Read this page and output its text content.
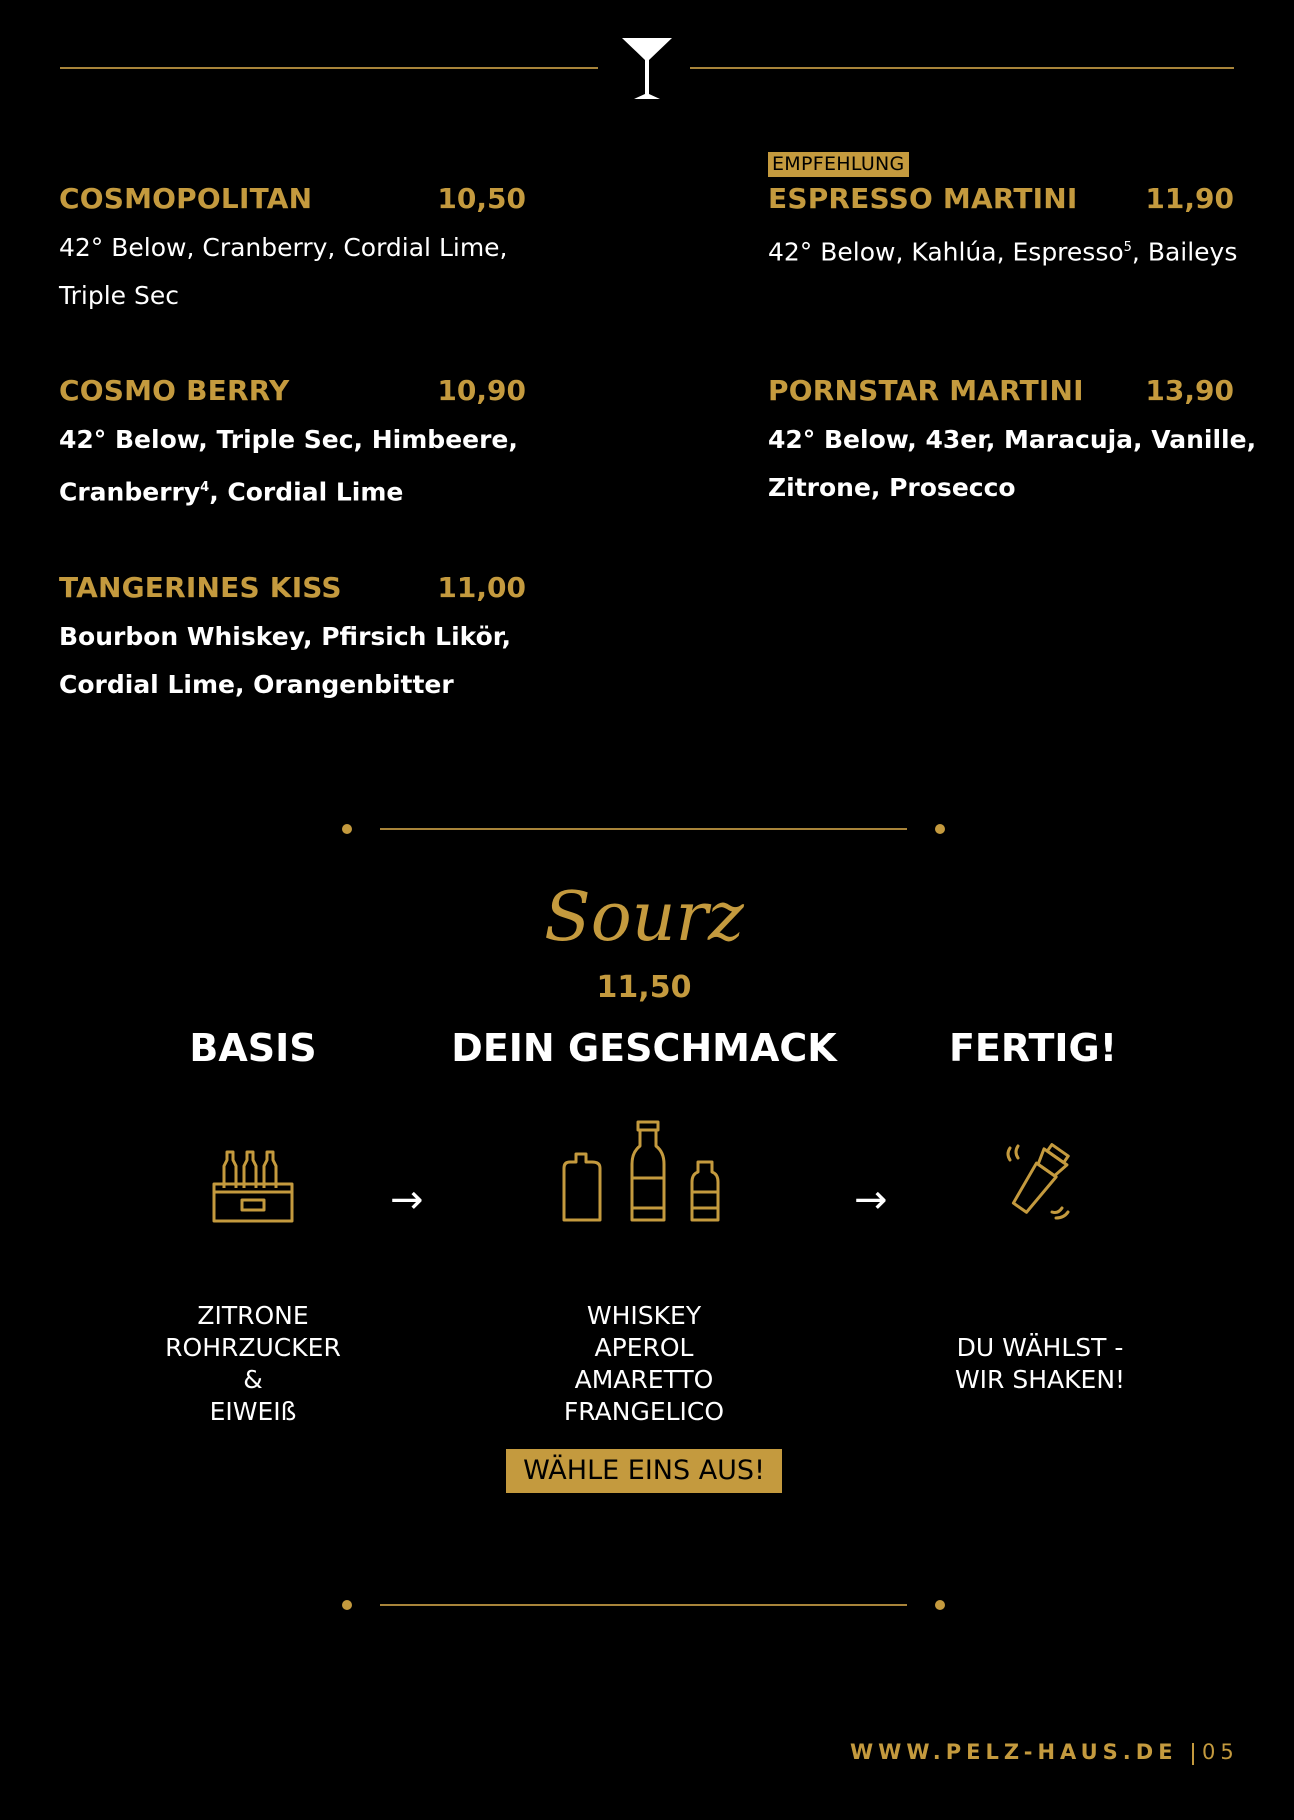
COSMOPOLITAN	10,50
42° Below, Cranberry, Cordial Lime,
Triple Sec
COSMO BERRY	10,90
42° Below, Triple Sec, Himbeere,
Cranberry$^4$, Cordial Lime
TANGERINES KISS	11,00
Bourbon Whiskey, Pfirsich Likör,
Cordial Lime, Orangenbitter
EMPFEHLUNG
ESPRESSO MARTINI	11,90
42° Below, Kahlúa, Espresso$^5$, Baileys
PORNSTAR MARTINI	13,90
42° Below, 43er, Maracuja, Vanille,
Zitrone, Prosecco
Sourz
11,50
BASIS	DEIN GESCHMACK	FERTIG!
→	→
ZITRONE
ROHRZUCKER
&
EIWEIß
WHISKEY
APEROL
AMARETTO
FRANGELICO
DU WÄHLST -
WIR SHAKEN!
WÄHLE EINS AUS!
WWW.PELZ-HAUS.DE 05
